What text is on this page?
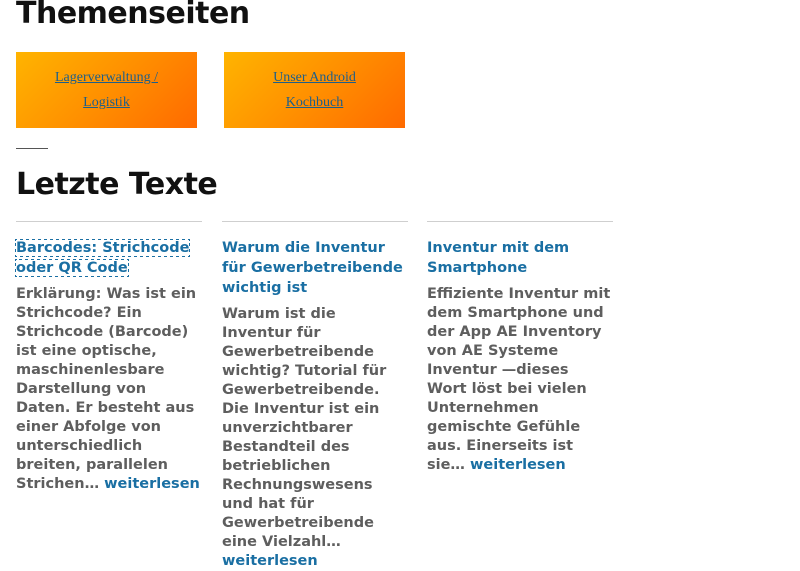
Themenseiten
Lagerverwaltung /
Logistik
Unser Android
Kochbuch
Letzte Texte
Barcodes: Strichcode oder QR Code
Erklärung: Was ist ein Strichcode? Ein Strichcode (Barcode) ist eine optische, maschinenlesbare Darstellung von Daten. Er besteht aus einer Abfolge von unterschiedlich breiten, parallelen Strichen… weiterlesen
Warum die Inventur für Gewerbetreibende wichtig ist
Warum ist die Inventur für Gewerbetreibende wichtig? Tutorial für Gewerbetreibende. Die Inventur ist ein unverzichtbarer Bestandteil des betrieblichen Rechnungswesens und hat für Gewerbetreibende eine Vielzahl… weiterlesen
Inventur mit dem Smartphone
Effiziente Inventur mit dem Smartphone und der App AE Inventory von AE Systeme Inventur —dieses Wort löst bei vielen Unternehmen gemischte Gefühle aus. Einerseits ist sie… weiterlesen
